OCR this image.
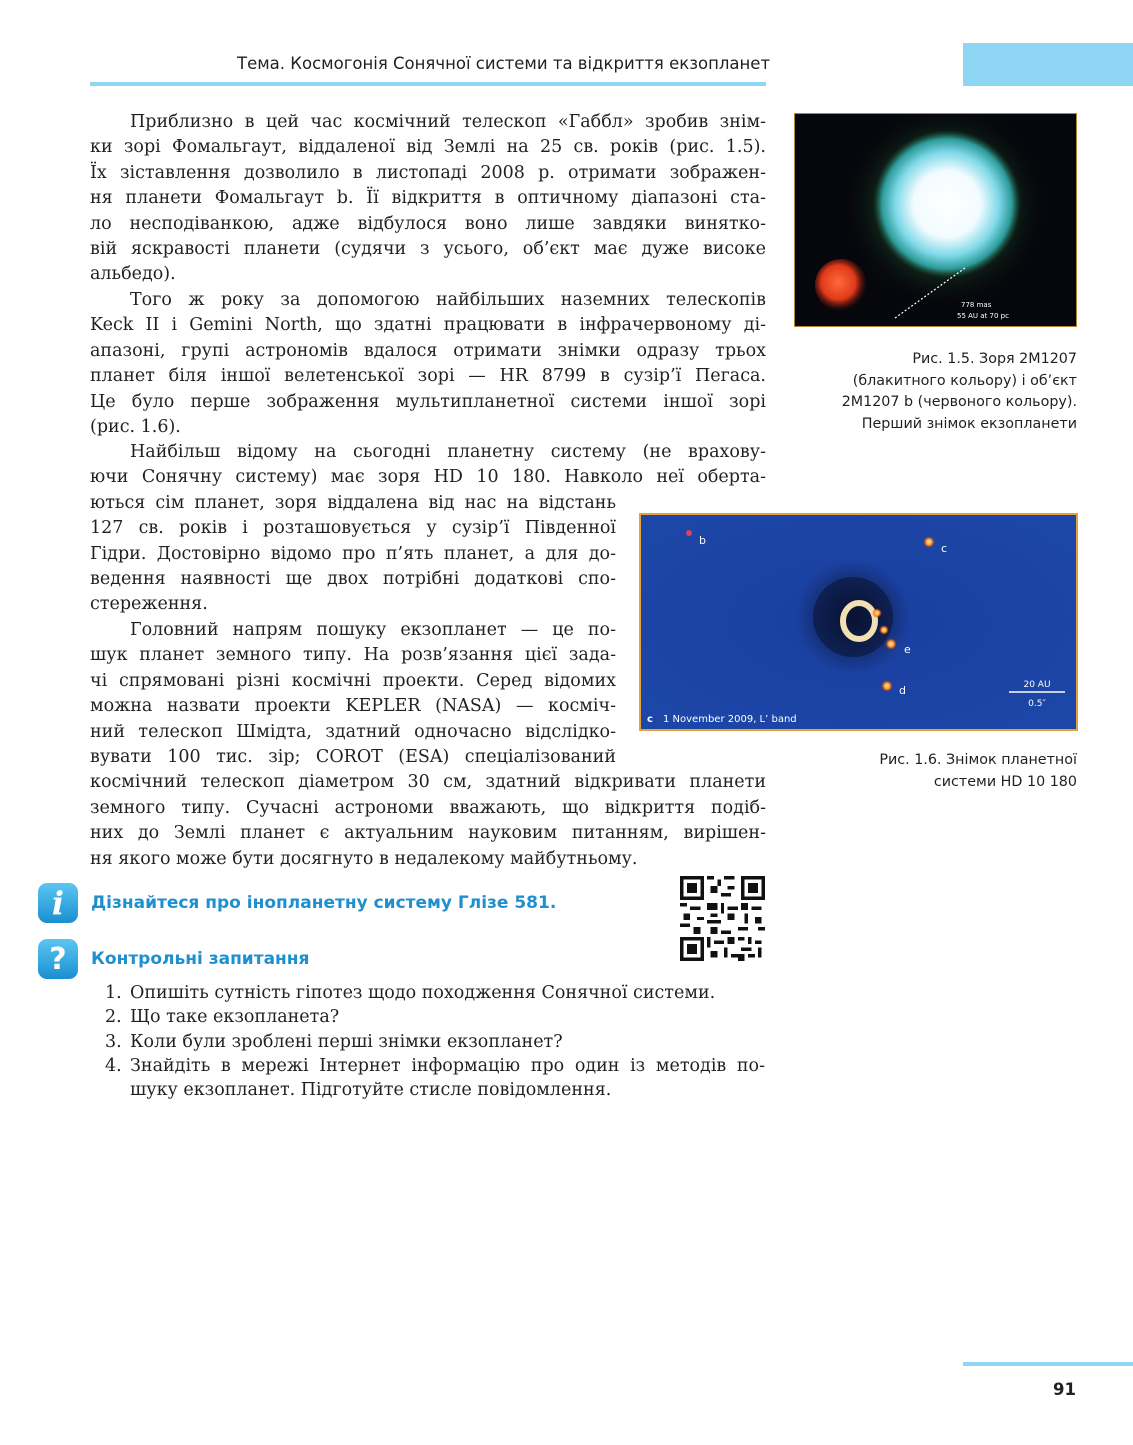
Тема. Космогонія Сонячної системи та відкриття екзопланет
Приблизно в цей час космічний телескоп «Габбл» зробив знім-
ки зорі Фомальгаут, віддаленої від Землі на 25 св. років (рис. 1.5).
Їх зіставлення дозволило в листопаді 2008 р. отримати зображен-
ня планети Фомальгаут b. Її відкриття в оптичному діапазоні ста-
ло несподіванкою, адже відбулося воно лише завдяки винятко-
вій яскравості планети (судячи з усього, об’єкт має дуже високе
альбедо).
Того ж року за допомогою найбільших наземних телескопів
Keck II і Gemini North, що здатні працювати в інфрачервоному ді-
апазоні, групі астрономів вдалося отримати знімки одразу трьох
планет біля іншої велетенської зорі — HR 8799 в сузір’ї Пегаса.
Це було перше зображення мультипланетної системи іншої зорі
(рис. 1.6).
Найбільш відому на сьогодні планетну систему (не врахову-
ючи Сонячну систему) має зоря HD 10 180. Навколо неї оберта-
ються сім планет, зоря віддалена від нас на відстань
127 св. років і розташовується у сузір’ї Південної
Гідри. Достовірно відомо про п’ять планет, а для до-
ведення наявності ще двох потрібні додаткові спо-
стереження.
Головний напрям пошуку екзопланет — це по-
шук планет земного типу. На розв’язання цієї зада-
чі спрямовані різні космічні проекти. Серед відомих
можна назвати проекти KEPLER (NASA) — косміч-
ний телескоп Шмідта, здатний одночасно відслідко-
вувати 100 тис. зір; COROT (ESA) спеціалізований
космічний телескоп діаметром 30 см, здатний відкривати планети
земного типу. Сучасні астрономи вважають, що відкриття подіб-
них до Землі планет є актуальним науковим питанням, вирішен-
ня якого може бути досягнуто в недалекому майбутньому.
778 mas
55 AU at 70 pc
Рис. 1.5. Зоря 2M1207
(блакитного кольору) і об’єкт
2M1207 b (червоного кольору).
Перший знімок екзопланети
b
c
d
e
c 1 November 2009, L’ band
20 AU
0.5″
Рис. 1.6. Знімок планетної
системи HD 10 180
i	Дізнайтеся про інопланетну систему Глізе 581.
?	Контрольні запитання
1. Опишіть сутність гіпотез щодо походження Сонячної системи.
2. Що таке екзопланета?
3. Коли були зроблені перші знімки екзопланет?
4. Знайдіть в мережі Інтернет інформацію про один із методів по-
шуку екзопланет. Підготуйте стисле повідомлення.
91
